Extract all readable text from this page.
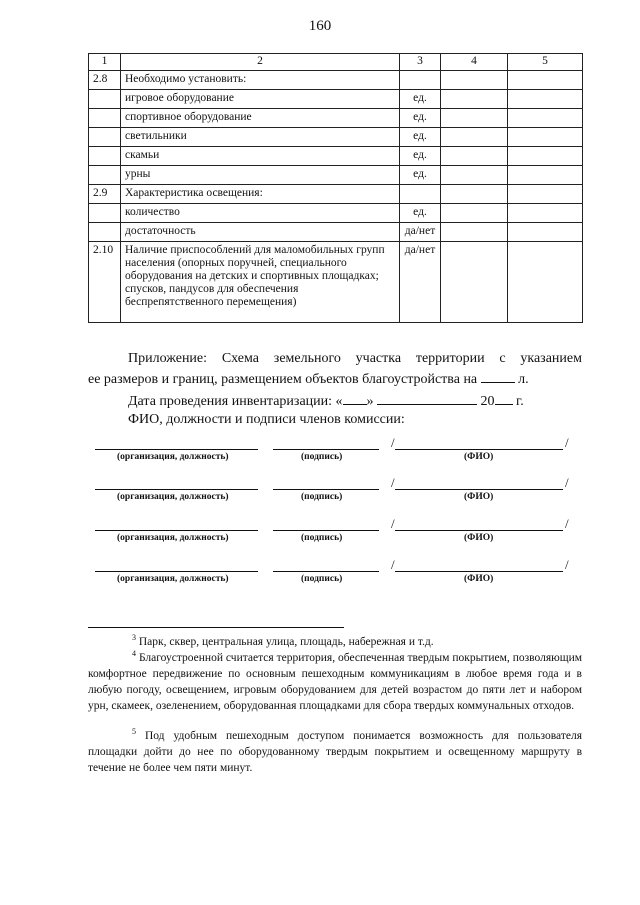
160
1	2	3	4	5
2.8	Необходимо установить:			
	игровое оборудование	ед.		
	спортивное оборудование	ед.		
	светильники	ед.		
	скамьи	ед.		
	урны	ед.		
2.9	Характеристика освещения:			
	количество	ед.		
	достаточность	да/нет		
2.10	Наличие приспособлений для маломобильных групп населения (опорных поручней, специального оборудования на детских и спортивных площадках; спусков, пандусов для обеспечения беспрепятственного перемещения)	да/нет		
Приложение: Схема земельного участка территории с указанием
ее размеров и границ, размещением объектов благоустройства на	л.
Дата проведения инвентаризации: « »	20 г.
ФИО, должности и подписи членов комиссии:
/	/
(организация, должность)	(подпись)	(ФИО)
/	/
(организация, должность)	(подпись)	(ФИО)
/	/
(организация, должность)	(подпись)	(ФИО)
/	/
(организация, должность)	(подпись)	(ФИО)
$^3$ Парк, сквер, центральная улица, площадь, набережная и т.д.
$^4$ Благоустроенной считается территория, обеспеченная твердым покрытием, позволяющим комфортное передвижение по основным пешеходным коммуникациям в любое время года и в любую погоду, освещением, игровым оборудованием для детей возрастом до пяти лет и набором урн, скамеек, озеленением, оборудованная площадками для сбора твердых коммунальных отходов.
$^5$ Под удобным пешеходным доступом понимается возможность для пользователя площадки дойти до нее по оборудованному твердым покрытием и освещенному маршруту в течение не более чем пяти минут.
